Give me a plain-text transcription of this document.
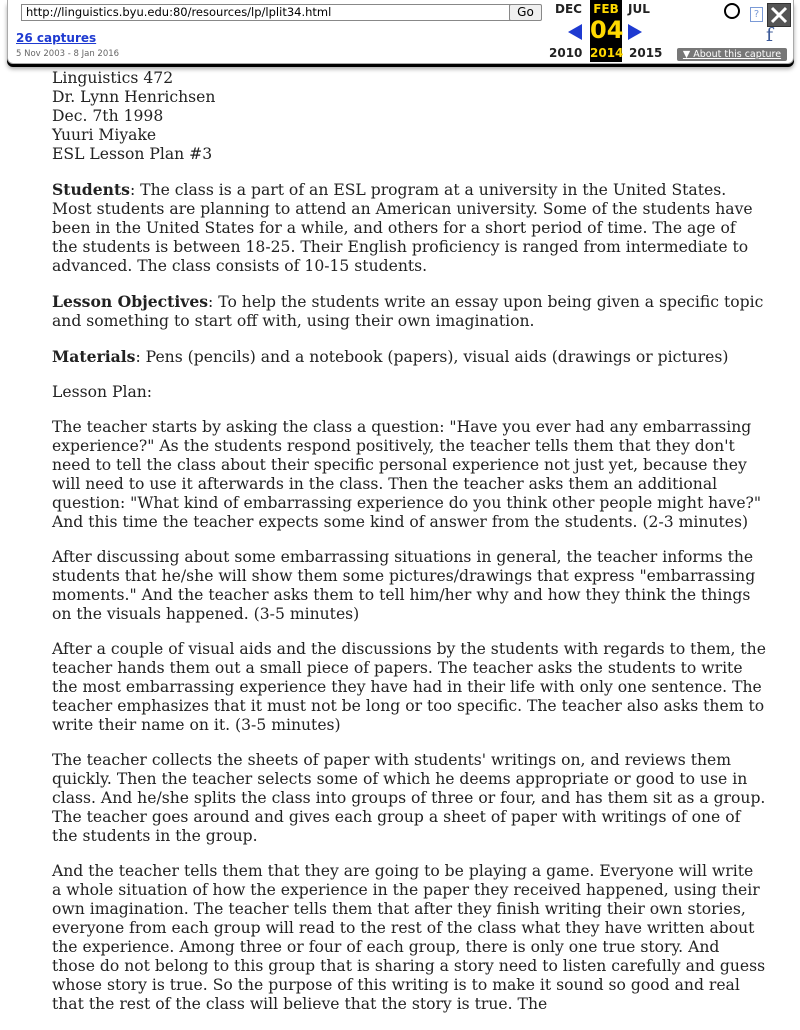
http://linguistics.byu.edu:80/resources/lp/lplit34.html
Go
26 captures
5 Nov 2003 - 8 Jan 2016
DEC
2010
JUL
2015
FEB
04
2014
?
f
▼ About this capture
Linguistics 472
Dr. Lynn Henrichsen
Dec. 7th 1998
Yuuri Miyake
ESL Lesson Plan #3

Students: The class is a part of an ESL program at a university in the United States. Most students are planning to attend an American university. Some of the students have been in the United States for a while, and others for a short period of time. The age of the students is between 18-25. Their English proficiency is ranged from intermediate to advanced. The class consists of 10-15 students.

Lesson Objectives: To help the students write an essay upon being given a specific topic and something to start off with, using their own imagination.

Materials: Pens (pencils) and a notebook (papers), visual aids (drawings or pictures)

Lesson Plan:

The teacher starts by asking the class a question: "Have you ever had any embarrassing experience?" As the students respond positively, the teacher tells them that they don't need to tell the class about their specific personal experience not just yet, because they will need to use it afterwards in the class. Then the teacher asks them an additional question: "What kind of embarrassing experience do you think other people might have?" And this time the teacher expects some kind of answer from the students. (2-3 minutes)

After discussing about some embarrassing situations in general, the teacher informs the students that he/she will show them some pictures/drawings that express "embarrassing moments." And the teacher asks them to tell him/her why and how they think the things on the visuals happened. (3-5 minutes)

After a couple of visual aids and the discussions by the students with regards to them, the teacher hands them out a small piece of papers. The teacher asks the students to write the most embarrassing experience they have had in their life with only one sentence. The teacher emphasizes that it must not be long or too specific. The teacher also asks them to write their name on it. (3-5 minutes)

The teacher collects the sheets of paper with students' writings on, and reviews them quickly. Then the teacher selects some of which he deems appropriate or good to use in class. And he/she splits the class into groups of three or four, and has them sit as a group. The teacher goes around and gives each group a sheet of paper with writings of one of the students in the group.

And the teacher tells them that they are going to be playing a game. Everyone will write a whole situation of how the experience in the paper they received happened, using their own imagination. The teacher tells them that after they finish writing their own stories, everyone from each group will read to the rest of the class what they have written about the experience. Among three or four of each group, there is only one true story. And those do not belong to this group that is sharing a story need to listen carefully and guess whose story is true. So the purpose of this writing is to make it sound so good and real that the rest of the class will believe that the story is true. The
